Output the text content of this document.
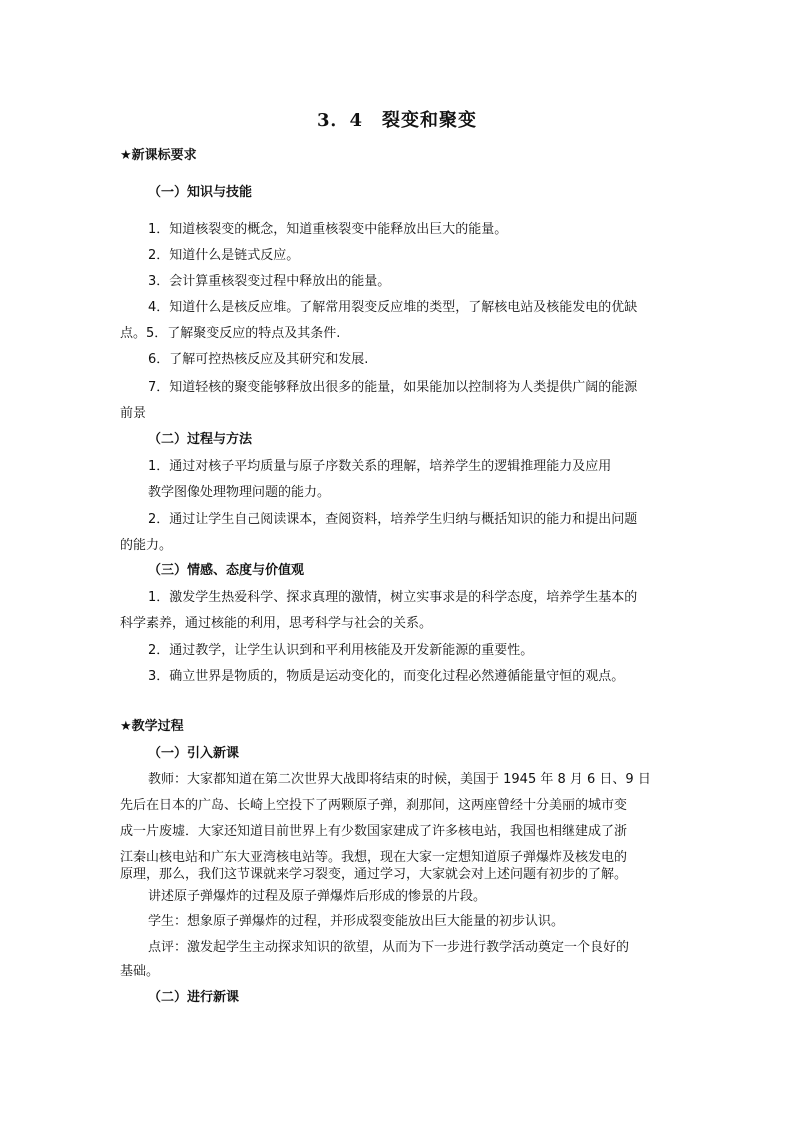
3．4　裂变和聚变
★新课标要求
（一）知识与技能
1．知道核裂变的概念，知道重核裂变中能释放出巨大的能量。
2．知道什么是链式反应。
3．会计算重核裂变过程中释放出的能量。
4．知道什么是核反应堆。了解常用裂变反应堆的类型，了解核电站及核能发电的优缺
点。5．了解聚变反应的特点及其条件.
6．了解可控热核反应及其研究和发展.
7．知道轻核的聚变能够释放出很多的能量，如果能加以控制将为人类提供广阔的能源
前景
（二）过程与方法
1．通过对核子平均质量与原子序数关系的理解，培养学生的逻辑推理能力及应用
教学图像处理物理问题的能力。
2．通过让学生自己阅读课本，查阅资料，培养学生归纳与概括知识的能力和提出问题
的能力。
（三）情感、态度与价值观
1．激发学生热爱科学、探求真理的激情，树立实事求是的科学态度，培养学生基本的
科学素养，通过核能的利用，思考科学与社会的关系。
2．通过教学，让学生认识到和平利用核能及开发新能源的重要性。
3．确立世界是物质的，物质是运动变化的，而变化过程必然遵循能量守恒的观点。
★教学过程
（一）引入新课
教师：大家都知道在第二次世界大战即将结束的时候，美国于 1945 年 8 月 6 日、9 日
先后在日本的广岛、长崎上空投下了两颗原子弹，刹那间，这两座曾经十分美丽的城市变
成一片废墟．大家还知道目前世界上有少数国家建成了许多核电站，我国也相继建成了浙
江秦山核电站和广东大亚湾核电站等。我想，现在大家一定想知道原子弹爆炸及核发电的
原理，那么，我们这节课就来学习裂变，通过学习，大家就会对上述问题有初步的了解。
讲述原子弹爆炸的过程及原子弹爆炸后形成的惨景的片段。
学生：想象原子弹爆炸的过程，并形成裂变能放出巨大能量的初步认识。
点评：激发起学生主动探求知识的欲望，从而为下一步进行教学活动奠定一个良好的
基础。
（二）进行新课
